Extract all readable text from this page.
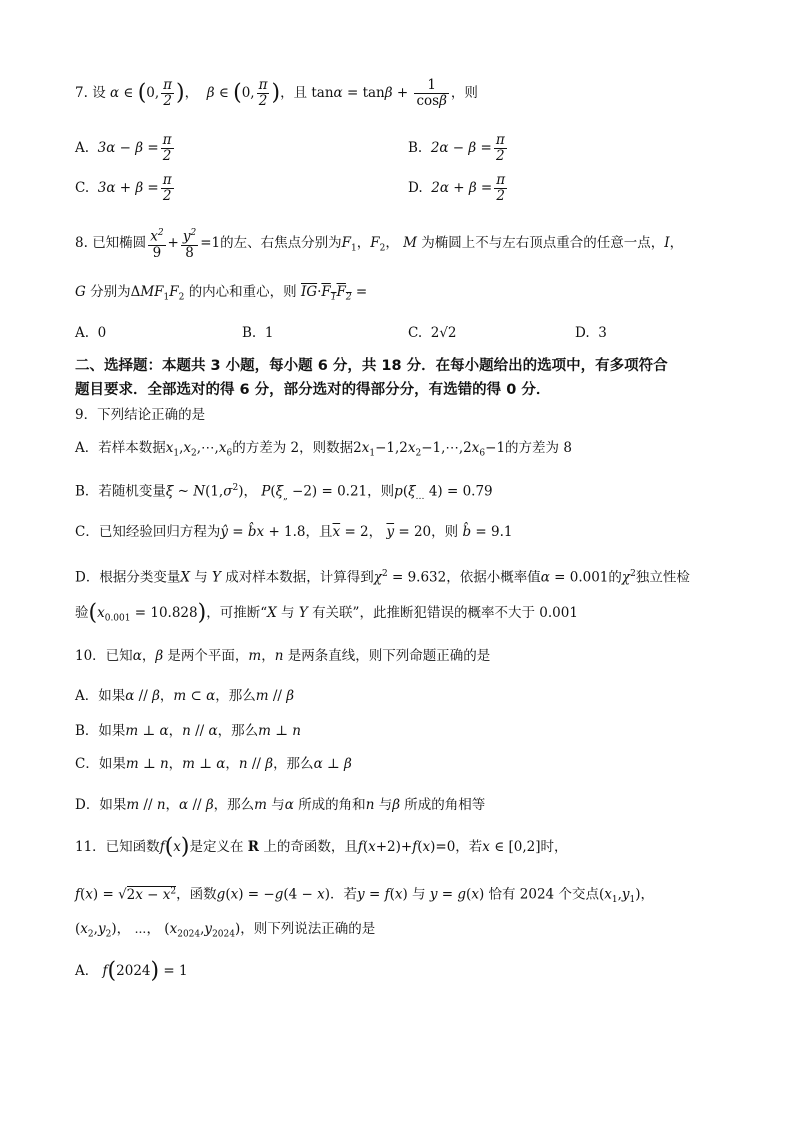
7. 设 α ∈ (0, $\frac{\pi}{2}$ )， β ∈ (0, $\frac{\pi}{2}$ )，且 $\tan\alpha = \tan\beta + \frac{1}{\cos\beta}$ ，则
A. $3\alpha - \beta = \frac{\pi}{2}$	B. $2\alpha - \beta = \frac{\pi}{2}$
C. $3\alpha + \beta = \frac{\pi}{2}$	D. $2\alpha + \beta = \frac{\pi}{2}$
8. 已知椭圆 $\frac{x^2}{9} + \frac{y^2}{8} =1$的左、右焦点分别为$F_1$，$F_2$， M 为椭圆上不与左右顶点重合的任意一点，I，
G 分别为$\Delta MF_1F_2$ 的内心和重心，则 $\overline{IG}\cdot F_1F_2$ =
A. 0	B. 1	C. 2√2	D. 3
二、选择题：本题共 3 小题，每小题 6 分，共 18 分．在每小题给出的选项中，有多项符合
题目要求．全部选对的得 6 分，部分选对的得部分分，有选错的得 0 分．
9．下列结论正确的是
A．若样本数据$x_1,x_2,\cdots,x_6$的方差为 2，则数据$2x_1-1,2x_2-1,\cdots,2x_6-1$的方差为 8
B．若随机变量ξ ~ $N(1,\sigma^2)$， $P(\xi_„ -2) = 0.21$，则$p(\xi_\dots$ 4) = 0.79
C．已知经验回归方程为ŷ = b̂x + 1.8，且$\overline{x} = 2$， $\overline{y} = 20$，则 b̂ = 9.1
D．根据分类变量X 与 Y 成对样本数据，计算得到$\chi^2 = 9.632$，依据小概率值α = 0.001的$\chi^2$独立性检
验$(x_{0.001} = 10.828)$，可推断“X 与 Y 有关联”，此推断犯错误的概率不大于 0.001
10．已知α，β 是两个平面，m，n 是两条直线，则下列命题正确的是
A．如果α // β，m ⊂ α，那么m // β
B．如果m ⊥ α，n // α，那么m ⊥ n
C．如果m ⊥ n，m ⊥ α，n // β，那么α ⊥ β
D．如果m // n，α // β，那么m 与α 所成的角和n 与β 所成的角相等
11．已知函数f(x)是定义在 R 上的奇函数，且f(x+2)+f(x)=0，若x ∈ [0,2]时，
$f(x) = √2x - x^2$，函数g(x) = −g(4 − x)．若y = f(x) 与 y = g(x) 恰有 2024 个交点$(x_1,y_1)$，
$(x_2,y_2)$， ⋯， $(x_{2024},y_{2024})$，则下列说法正确的是
A． f(2024) = 1
